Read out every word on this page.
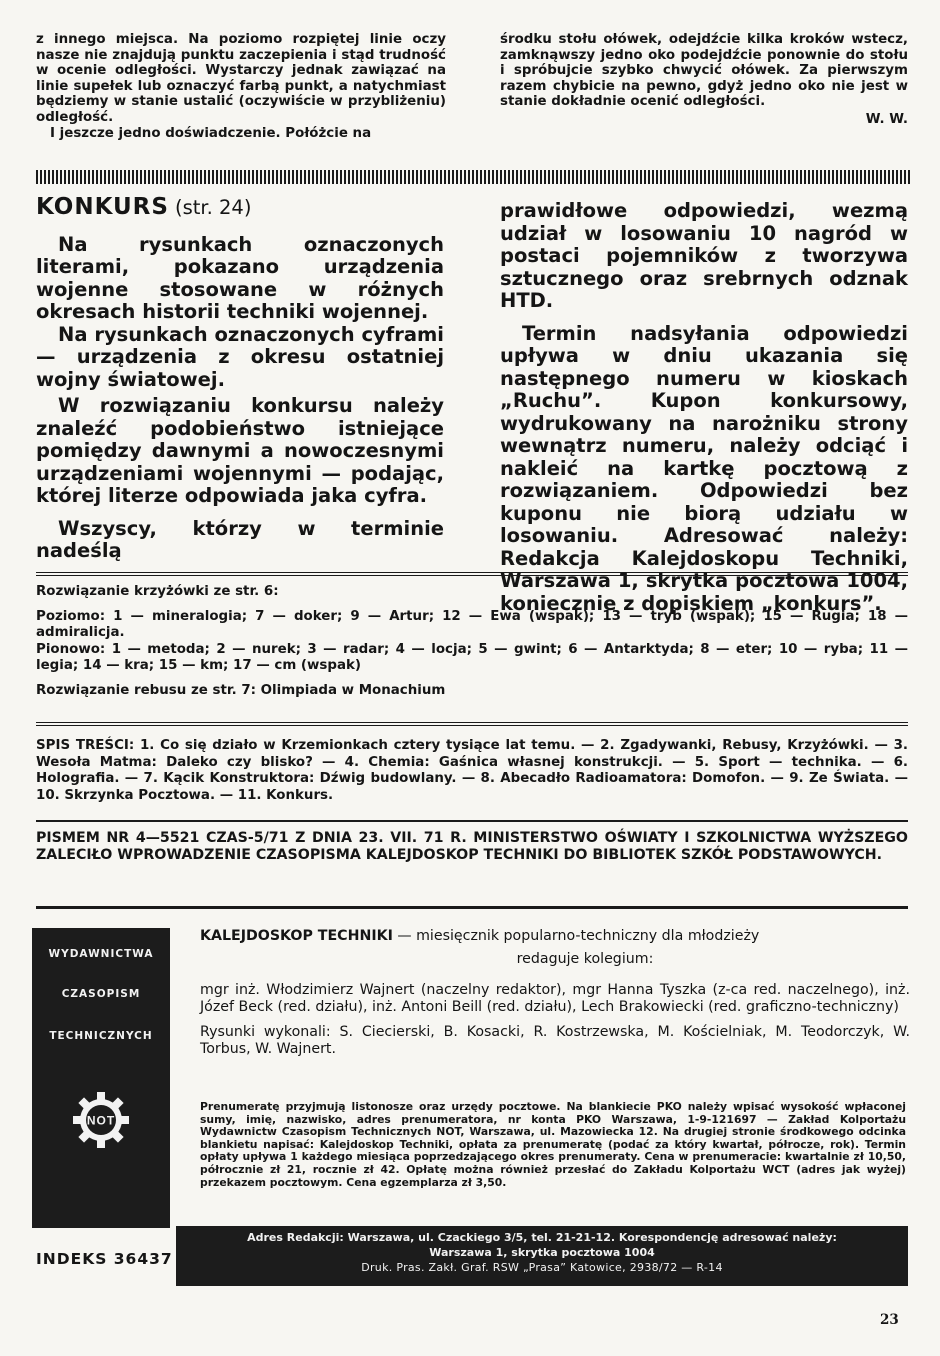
z innego miejsca. Na poziomo rozpiętej linie oczy nasze nie znajdują punktu zaczepienia i stąd trudność w ocenie odległości. Wystarczy jednak zawiązać na linie supełek lub oznaczyć farbą punkt, a natychmiast będziemy w stanie ustalić (oczywiście w przybliżeniu) odległość.

I jeszcze jedno doświadczenie. Połóżcie na

środku stołu ołówek, odejdźcie kilka kroków wstecz, zamknąwszy jedno oko podejdźcie ponownie do stołu i spróbujcie szybko chwycić ołówek. Za pierwszym razem chybicie na pewno, gdyż jedno oko nie jest w stanie dokładnie ocenić odległości.

W. W.

KONKURS (str. 24)

Na rysunkach oznaczonych literami, pokazano urządzenia wojenne stosowane w różnych okresach historii techniki wojennej.

Na rysunkach oznaczonych cyframi — urządzenia z okresu ostatniej wojny światowej.

W rozwiązaniu konkursu należy znaleźć podobieństwo istniejące pomiędzy dawnymi a nowoczesnymi urządzeniami wojennymi — podając, której literze odpowiada jaka cyfra.

Wszyscy, którzy w terminie nadeślą

prawidłowe odpowiedzi, wezmą udział w losowaniu 10 nagród w postaci pojemników z tworzywa sztucznego oraz srebrnych odznak HTD.

Termin nadsyłania odpowiedzi upływa w dniu ukazania się następnego numeru w kioskach „Ruchu”. Kupon konkursowy, wydrukowany na narożniku strony wewnątrz numeru, należy odciąć i nakleić na kartkę pocztową z rozwiązaniem. Odpowiedzi bez kuponu nie biorą udziału w losowaniu. Adresować należy: Redakcja Kalejdoskopu Techniki, Warszawa 1, skrytka pocztowa 1004, koniecznie z dopiskiem „konkurs”.

Rozwiązanie krzyżówki ze str. 6:

Poziomo: 1 — mineralogia; 7 — doker; 9 — Artur; 12 — Ewa (wspak); 13 — tryb (wspak); 15 — Rugia; 18 — admiralicja.

Pionowo: 1 — metoda; 2 — nurek; 3 — radar; 4 — locja; 5 — gwint; 6 — Antarktyda; 8 — eter; 10 — ryba; 11 — legia; 14 — kra; 15 — km; 17 — cm (wspak)

Rozwiązanie rebusu ze str. 7: Olimpiada w Monachium

SPIS TREŚCI: 1. Co się działo w Krzemionkach cztery tysiące lat temu. — 2. Zgadywanki, Rebusy, Krzyżówki. — 3. Wesoła Matma: Daleko czy blisko? — 4. Chemia: Gaśnica własnej konstrukcji. — 5. Sport — technika. — 6. Holografia. — 7. Kącik Konstruktora: Dźwig budowlany. — 8. Abecadło Radioamatora: Domofon. — 9. Ze Świata. — 10. Skrzynka Pocztowa. — 11. Konkurs.
PISMEM NR 4—5521 CZAS-5/71 Z DNIA 23. VII. 71 R. MINISTERSTWO OŚWIATY I SZKOLNICTWA WYŻSZEGO ZALECIŁO WPROWADZENIE CZASOPISMA KALEJDOSKOP TECHNIKI DO BIBLIOTEK SZKÓŁ PODSTAWOWYCH.
WYDAWNICTWA
CZASOPISM
TECHNICZNYCH
NOT
INDEKS 36437

KALEJDOSKOP TECHNIKI — miesięcznik popularno-techniczny dla młodzieży

redaguje kolegium:

mgr inż. Włodzimierz Wajnert (naczelny redaktor), mgr Hanna Tyszka (z-ca red. naczelnego), inż. Józef Beck (red. działu), inż. Antoni Beill (red. działu), Lech Brakowiecki (red. graficzno-techniczny)

Rysunki wykonali: S. Ciecierski, B. Kosacki, R. Kostrzewska, M. Kościelniak, M. Teodorczyk, W. Torbus, W. Wajnert.

Prenumeratę przyjmują listonosze oraz urzędy pocztowe. Na blankiecie PKO należy wpisać wysokość wpłaconej sumy, imię, nazwisko, adres prenumeratora, nr konta PKO Warszawa, 1-9-121697 — Zakład Kolportażu Wydawnictw Czasopism Technicznych NOT, Warszawa, ul. Mazowiecka 12. Na drugiej stronie środkowego odcinka blankietu napisać: Kalejdoskop Techniki, opłata za prenumeratę (podać za który kwartał, półrocze, rok). Termin opłaty upływa 1 każdego miesiąca poprzedzającego okres prenumeraty. Cena w prenumeracie: kwartalnie zł 10,50, półrocznie zł 21, rocznie zł 42. Opłatę można również przesłać do Zakładu Kolportażu WCT (adres jak wyżej) przekazem pocztowym. Cena egzemplarza zł 3,50.

Adres Redakcji: Warszawa, ul. Czackiego 3/5, tel. 21-21-12. Korespondencję adresować należy:

Warszawa 1, skrytka pocztowa 1004

Druk. Pras. Zakł. Graf. RSW „Prasa” Katowice, 2938/72 — R-14

23
